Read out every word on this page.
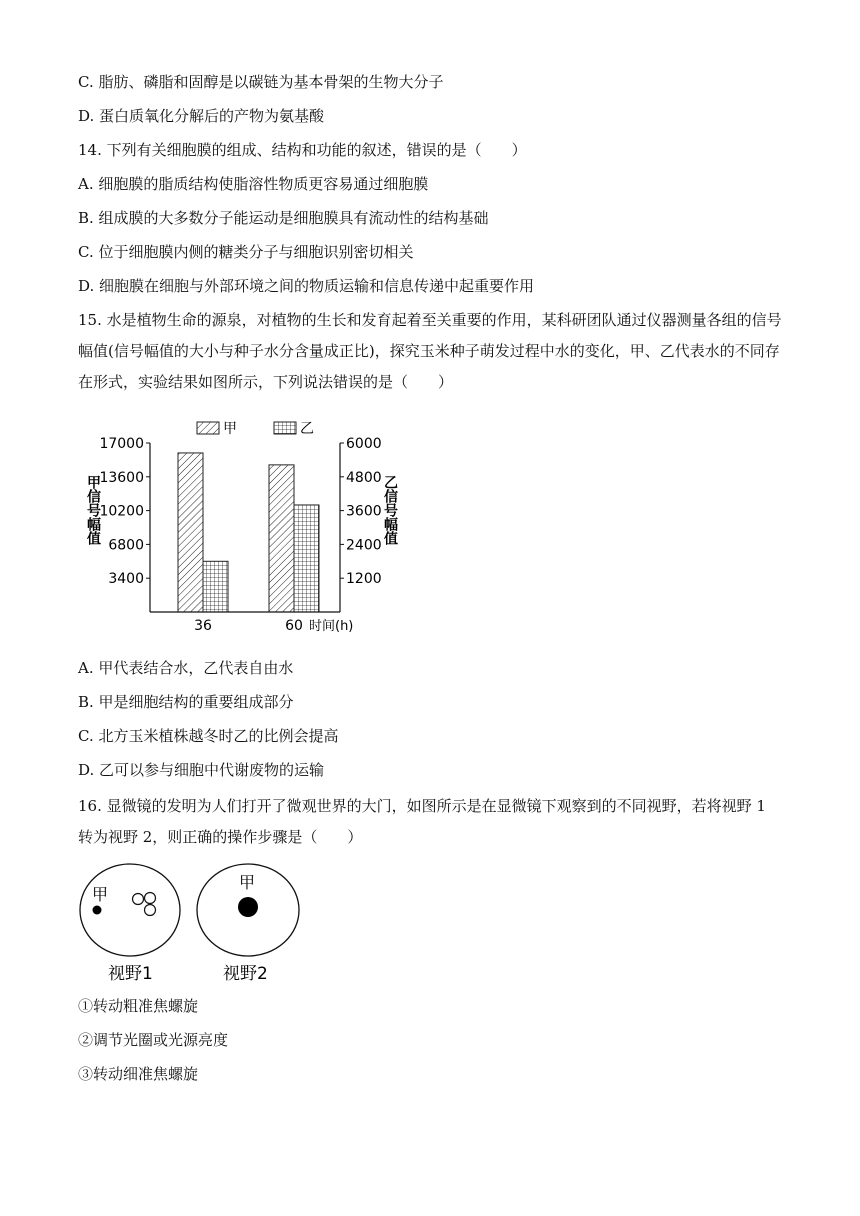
C. 脂肪、磷脂和固醇是以碳链为基本骨架的生物大分子
D. 蛋白质氧化分解后的产物为氨基酸
14. 下列有关细胞膜的组成、结构和功能的叙述，错误的是（　　）
A. 细胞膜的脂质结构使脂溶性物质更容易通过细胞膜
B. 组成膜的大多数分子能运动是细胞膜具有流动性的结构基础
C. 位于细胞膜内侧的糖类分子与细胞识别密切相关
D. 细胞膜在细胞与外部环境之间的物质运输和信息传递中起重要作用
15. 水是植物生命的源泉，对植物的生长和发育起着至关重要的作用，某科研团队通过仪器测量各组的信号幅值(信号幅值的大小与种子水分含量成正比)，探究玉米种子萌发过程中水的变化，甲、乙代表水的不同存在形式，实验结果如图所示，下列说法错误的是（　　）
甲	乙
3400
6800
10200
13600
17000
1200
2400
3600
4800
6000
36	60
甲信号幅值	乙信号幅值
时间(h)
A. 甲代表结合水，乙代表自由水
B. 甲是细胞结构的重要组成部分
C. 北方玉米植株越冬时乙的比例会提高
D. 乙可以参与细胞中代谢废物的运输
16. 显微镜的发明为人们打开了微观世界的大门，如图所示是在显微镜下观察到的不同视野，若将视野 1 转为视野 2，则正确的操作步骤是（　　）
甲
视野1
甲
视野2
①转动粗准焦螺旋
②调节光圈或光源亮度
③转动细准焦螺旋
